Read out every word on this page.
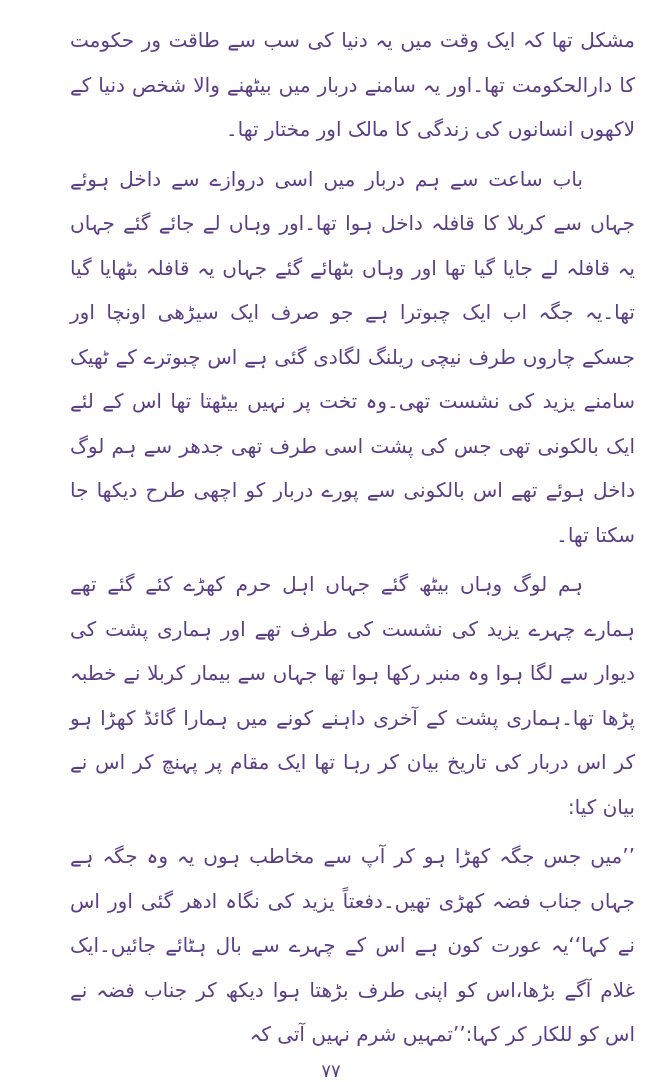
مشکل تھا کہ ایک وقت میں یہ دنیا کی سب سے طاقت ور حکومت کا دارالحکومت تھا۔اور یہ سامنے دربار میں بیٹھنے والا شخص دنیا کے لاکھوں انسانوں کی زندگی کا مالک اور مختار تھا۔

باب ساعت سے ہم دربار میں اسی دروازے سے داخل ہوئے جہاں سے کربلا کا قافلہ داخل ہوا تھا۔اور وہاں لے جائے گئے جہاں یہ قافلہ لے جایا گیا تھا اور وہاں بٹھائے گئے جہاں یہ قافلہ بٹھایا گیا تھا۔یہ جگہ اب ایک چبوترا ہے جو صرف ایک سیڑھی اونچا اور جسکے چاروں طرف نیچی ریلنگ لگادی گئی ہے اس چبوترے کے ٹھیک سامنے یزید کی نشست تھی۔وہ تخت پر نہیں بیٹھتا تھا اس کے لئے ایک بالکونی تھی جس کی پشت اسی طرف تھی جدھر سے ہم لوگ داخل ہوئے تھے اس بالکونی سے پورے دربار کو اچھی طرح دیکھا جا سکتا تھا۔

ہم لوگ وہاں بیٹھ گئے جہاں اہل حرم کھڑے کئے گئے تھے ہمارے چہرے یزید کی نشست کی طرف تھے اور ہماری پشت کی دیوار سے لگا ہوا وہ منبر رکھا ہوا تھا جہاں سے بیمار کربلا نے خطبہ پڑھا تھا۔ہماری پشت کے آخری داہنے کونے میں ہمارا گائڈ کھڑا ہو کر اس دربار کی تاریخ بیان کر رہا تھا ایک مقام پر پہنچ کر اس نے بیان کیا:

’’میں جس جگہ کھڑا ہو کر آپ سے مخاطب ہوں یہ وہ جگہ ہے جہاں جناب فضہ کھڑی تھیں۔دفعتاً یزید کی نگاہ ادھر گئی اور اس نے کہا‘‘یہ عورت کون ہے اس کے چہرے سے بال ہٹائے جائیں۔ایک غلام آگے بڑھا،اس کو اپنی طرف بڑھتا ہوا دیکھ کر جناب فضہ نے اس کو للکار کر کہا:’’تمہیں شرم نہیں آتی کہ

۷۷
